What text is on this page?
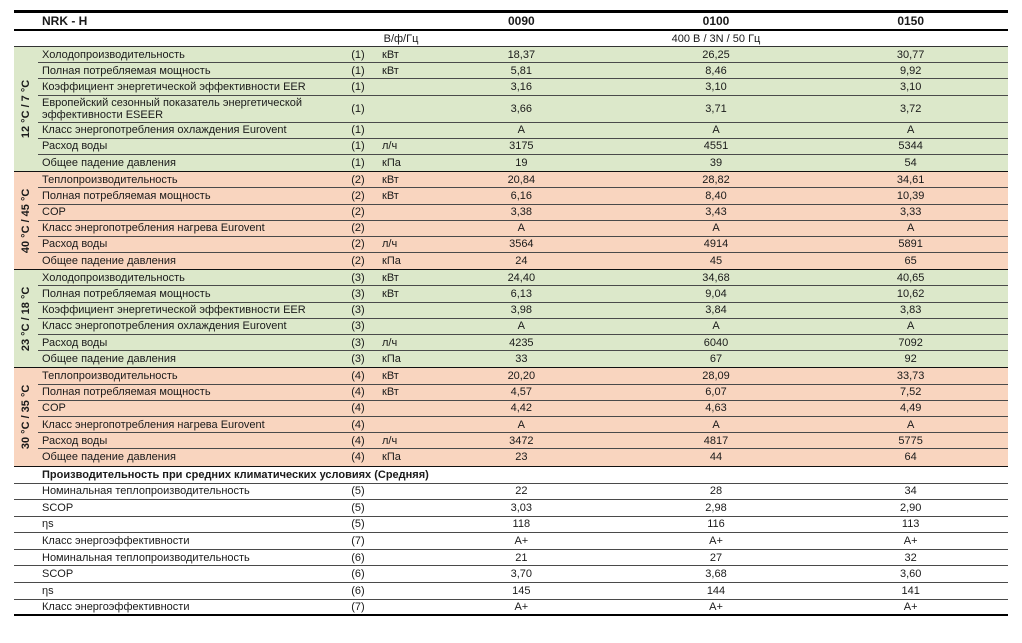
NRK - H	0090	0100	0150
В/ф/Гц	400 В / 3N / 50 Гц
12 °C / 7 °C
Холодопроизводительность	(1)	кВт	18,37	26,25	30,77
Полная потребляемая мощность	(1)	кВт	5,81	8,46	9,92
Коэффициент энергетической эффективности EER	(1)	3,16	3,10	3,10
Европейский сезонный показатель энергетической эффективности ESEER	(1)	3,66	3,71	3,72
Класс энергопотребления охлаждения Eurovent	(1)	A	A	A
Расход воды	(1)	л/ч	3175	4551	5344
Общее падение давления	(1)	кПа	19	39	54
40 °C / 45 °C
Теплопроизводительность	(2)	кВт	20,84	28,82	34,61
Полная потребляемая мощность	(2)	кВт	6,16	8,40	10,39
COP	(2)	3,38	3,43	3,33
Класс энергопотребления нагрева Eurovent	(2)	A	A	A
Расход воды	(2)	л/ч	3564	4914	5891
Общее падение давления	(2)	кПа	24	45	65
23 °C / 18 °C
Холодопроизводительность	(3)	кВт	24,40	34,68	40,65
Полная потребляемая мощность	(3)	кВт	6,13	9,04	10,62
Коэффициент энергетической эффективности EER	(3)	3,98	3,84	3,83
Класс энергопотребления охлаждения Eurovent	(3)	A	A	A
Расход воды	(3)	л/ч	4235	6040	7092
Общее падение давления	(3)	кПа	33	67	92
30 °C / 35 °C
Теплопроизводительность	(4)	кВт	20,20	28,09	33,73
Полная потребляемая мощность	(4)	кВт	4,57	6,07	7,52
COP	(4)	4,42	4,63	4,49
Класс энергопотребления нагрева Eurovent	(4)	A	A	A
Расход воды	(4)	л/ч	3472	4817	5775
Общее падение давления	(4)	кПа	23	44	64
Производительность при средних климатических условиях (Средняя)
Номинальная теплопроизводительность	(5)	22	28	34
SCOP	(5)	3,03	2,98	2,90
ηs	(5)	118	116	113
Класс энергоэффективности	(7)	A+	A+	A+
Номинальная теплопроизводительность	(6)	21	27	32
SCOP	(6)	3,70	3,68	3,60
ηs	(6)	145	144	141
Класс энергоэффективности	(7)	A+	A+	A+
